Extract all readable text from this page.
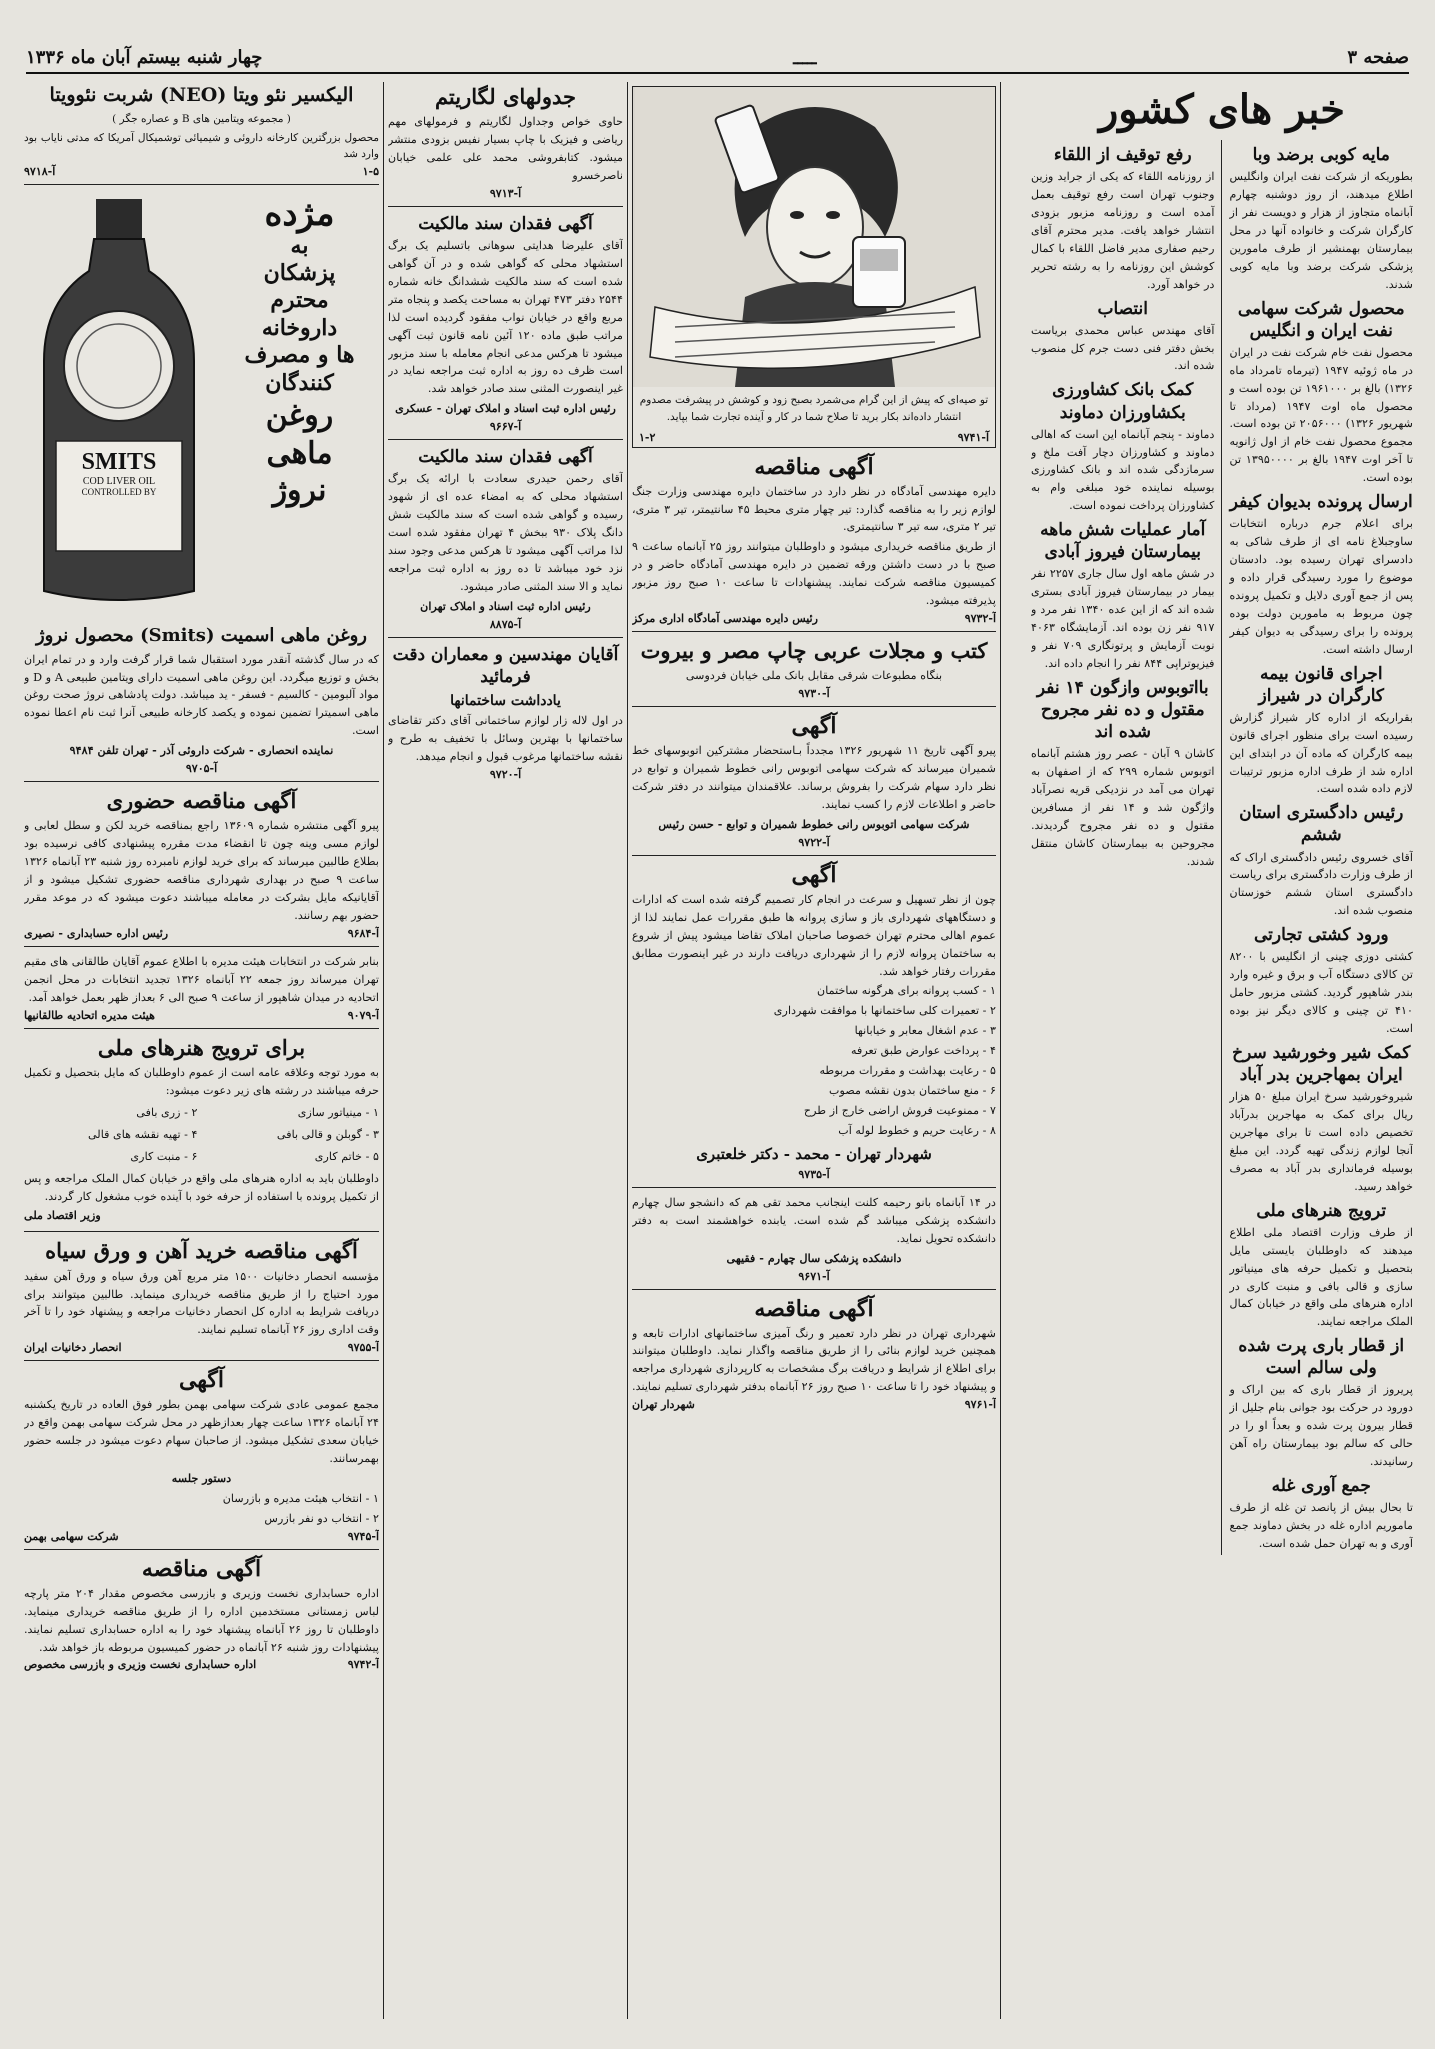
صفحه ۳
ـــــ
چهار شنبه بیستم آبان ماه ۱۳۳۶
خبر های کشور
مایه کوبی برضد وبا
بطوریکه از شرکت نفت ایران وانگلیس اطلاع میدهند، از روز دوشنبه چهارم آبانماه متجاوز از هزار و دویست نفر از کارگران شرکت و خانواده آنها در محل بیمارستان بهمنشیر از طرف مامورین پزشکی شرکت برضد وبا مایه کوبی شدند.
محصول شرکت سهامی نفت ایران و انگلیس
محصول نفت خام شرکت نفت در ایران در ماه ژوئیه ۱۹۴۷ (تیرماه تامرداد ماه ۱۳۲۶) بالغ بر ۱۹۶۱۰۰۰ تن بوده است و محصول ماه اوت ۱۹۴۷ (مرداد تا شهریور ۱۳۲۶) ۲۰۵۶۰۰۰ تن بوده است. مجموع محصول نفت خام از اول ژانویه تا آخر اوت ۱۹۴۷ بالغ بر ۱۳۹۵۰۰۰۰ تن بوده است.
ارسال پرونده بدیوان کیفر
برای اعلام جرم درباره انتخابات ساوجبلاغ نامه ای از طرف شاکی به دادسرای تهران رسیده بود. دادستان موضوع را مورد رسیدگی قرار داده و پس از جمع آوری دلایل و تکمیل پرونده چون مربوط به مامورین دولت بوده پرونده را برای رسیدگی به دیوان کیفر ارسال داشته است.
اجرای قانون بیمه کارگران در شیراز
بقراریکه از اداره کار شیراز گزارش رسیده است برای منظور اجرای قانون بیمه کارگران که ماده آن در ابتدای این اداره شد از طرف اداره مزبور ترتیبات لازم داده شده است.
رئیس دادگستری استان ششم
آقای خسروی رئیس دادگستری اراک که از طرف وزارت دادگستری برای ریاست دادگستری استان ششم خوزستان منصوب شده اند.
ورود کشتی تجارتی
کشتی دوزی چینی از انگلیس با ۸۲۰۰ تن کالای دستگاه آب و برق و غیره وارد بندر شاهپور گردید. کشتی مزبور حامل ۴۱۰ تن چینی و کالای دیگر نیز بوده است.
کمک شیر وخورشید سرخ ایران بمهاجرین بدر آباد
شیروخورشید سرخ ایران مبلغ ۵۰ هزار ریال برای کمک به مهاجرین بدرآباد تخصیص داده است تا برای مهاجرین آنجا لوازم زندگی تهیه گردد. این مبلغ بوسیله فرمانداری بدر آباد به مصرف خواهد رسید.
ترویج هنرهای ملی
از طرف وزارت اقتصاد ملی اطلاع میدهند که داوطلبان بایستی مایل بتحصیل و تکمیل حرفه های مینیاتور سازی و قالی بافی و منبت کاری در اداره هنرهای ملی واقع در خیابان کمال الملک مراجعه نمایند.
از قطار باری پرت شده ولی سالم است
پریروز از قطار باری که بین اراک و دورود در حرکت بود جوانی بنام جلیل از قطار بیرون پرت شده و بعداً او را در حالی که سالم بود بیمارستان راه آهن رسانیدند.
جمع آوری غله
تا بحال بیش از پانصد تن غله از طرف ماموریم اداره غله در بخش دماوند جمع آوری و به تهران حمل شده است.
رفع توقیف از اللقاء
از روزنامه اللقاء که یکی از جراید وزین وجنوب تهران است رفع توقیف بعمل آمده است و روزنامه مزبور بزودی انتشار خواهد یافت. مدیر محترم آقای رحیم صفاری مدیر فاضل اللقاء با کمال کوشش این روزنامه را به رشته تحریر در خواهد آورد.
انتصاب
آقای مهندس عباس محمدی بریاست بخش دفتر فنی دست جرم کل منصوب شده اند.
کمک بانک کشاورزی بکشاورزان دماوند
دماوند - پنجم آبانماه این است که اهالی دماوند و کشاورزان دچار آفت ملخ و سرمازدگی شده اند و بانک کشاورزی بوسیله نماینده خود مبلغی وام به کشاورزان پرداخت نموده است.
آمار عملیات شش ماهه بیمارستان فیروز آبادی
در شش ماهه اول سال جاری ۲۲۵۷ نفر بیمار در بیمارستان فیروز آبادی بستری شده اند که از این عده ۱۳۴۰ نفر مرد و ۹۱۷ نفر زن بوده اند. آزمایشگاه ۴۰۶۳ نوبت آزمایش و پرتونگاری ۷۰۹ نفر و فیزیوتراپی ۸۴۴ نفر را انجام داده اند.
بااتوبوس وازگون ۱۴ نفر مقتول و ده نفر مجروح شده اند
کاشان ۹ آبان - عصر روز هشتم آبانماه اتوبوس شماره ۲۹۹ که از اصفهان به تهران می آمد در نزدیکی قریه نصرآباد واژگون شد و ۱۴ نفر از مسافرین مقتول و ده نفر مجروح گردیدند. مجروحین به بیمارستان کاشان منتقل شدند.
تو صیه‌ای که پیش از این گرام می‌شمرد بصبح زود و کوشش در پیشرفت مصدوم انتشار داده‌اند بکار برید تا صلاح شما در کار و آینده تجارت شما بپاید.
آ-۹۷۴۱
۱-۲
آگهی مناقصه
دایره مهندسی آمادگاه در نظر دارد در ساختمان دایره مهندسی وزارت جنگ لوازم زیر را به مناقصه گذارد: تیر چهار متری محیط ۴۵ سانتیمتر، تیر ۳ متری، تیر ۲ متری، سه تیر ۳ سانتیمتری.
از طریق مناقصه خریداری میشود و داوطلبان میتوانند روز ۲۵ آبانماه ساعت ۹ صبح با در دست داشتن ورقه تضمین در دایره مهندسی آمادگاه حاضر و در کمیسیون مناقصه شرکت نمایند. پیشنهادات تا ساعت ۱۰ صبح روز مزبور پذیرفته میشود.
آ-۹۷۳۲
رئیس دایره مهندسی آمادگاه اداری مرکز
کتب و مجلات عربی چاپ مصر و بیروت
بنگاه مطبوعات شرقی مقابل بانک ملی خیابان فردوسی
آ-۹۷۳۰
آگهی
پیرو آگهی تاریخ ۱۱ شهریور ۱۳۲۶ مجدداً بـاستحضار مشترکین اتوبوسهای خط شمیران میرساند که شرکت سهامی اتوبوس رانی خطوط شمیران و توابع در نظر دارد سهام شرکت را بفروش برساند. علاقمندان میتوانند در دفتر شرکت حاضر و اطلاعات لازم را کسب نمایند.
شرکت سهامی اتوبوس رانی خطوط شمیران و توابع - حسن رئیس
آ-۹۷۲۲
آگهی
چون از نظر تسهیل و سرعت در انجام کار تصمیم گرفته شده است که ادارات و دستگاههای شهرداری باز و سازی پروانه ها طبق مقررات عمل نمایند لذا از عموم اهالی محترم تهران خصوصا صاحبان املاک تقاضا میشود پیش از شروع به ساختمان پروانه لازم را از شهرداری دریافت دارند در غیر اینصورت مطابق مقررات رفتار خواهد شد.
۱ - کسب پروانه برای هرگونه ساختمان
۲ - تعمیرات کلی ساختمانها با موافقت شهرداری
۳ - عدم اشغال معابر و خیابانها
۴ - پرداخت عوارض طبق تعرفه
۵ - رعایت بهداشت و مقررات مربوطه
۶ - منع ساختمان بدون نقشه مصوب
۷ - ممنوعیت فروش اراضی خارج از طرح
۸ - رعایت حریم و خطوط لوله آب
شهردار تهران - محمد - دکتر خلعتبری
آ-۹۷۳۵
در ۱۴ آبانماه بانو رحیمه کلنت اینجانب محمد تقی هم که دانشجو سال چهارم دانشکده پزشکی میباشد گم شده است. یابنده خواهشمند است به دفتر دانشکده تحویل نماید.
دانشکده پزشکی سال چهارم - فقیهی
آ-۹۶۷۱
آگهی مناقصه
شهرداری تهران در نظر دارد تعمیر و رنگ آمیزی ساختمانهای ادارات تابعه و همچنین خرید لوازم بنائی را از طریق مناقصه واگذار نماید. داوطلبان میتوانند برای اطلاع از شرایط و دریافت برگ مشخصات به کارپردازی شهرداری مراجعه و پیشنهاد خود را تا ساعت ۱۰ صبح روز ۲۶ آبانماه بدفتر شهرداری تسلیم نمایند.
آ-۹۷۶۱
شهردار تهران
جدولهای لگاریتم
حاوی خواص وجداول لگاریتم و فرمولهای مهم ریاضی و فیزیک با چاپ بسیار نفیس بزودی منتشر میشود. کتابفروشی محمد علی علمی خیابان ناصرخسرو
آ-۹۷۱۳
آگهی فقدان سند مالکیت
آقای علیرضا هدایتی سوهانی باتسلیم یک برگ استشهاد محلی که گواهی شده و در آن گواهی شده است که سند مالکیت ششدانگ خانه شماره ۲۵۴۴ دفتر ۴۷۳ تهران به مساحت یکصد و پنجاه متر مربع واقع در خیابان نواب مفقود گردیده است لذا مراتب طبق ماده ۱۲۰ آئین نامه قانون ثبت آگهی میشود تا هرکس مدعی انجام معامله با سند مزبور است ظرف ده روز به اداره ثبت مراجعه نماید در غیر اینصورت المثنی سند صادر خواهد شد.
رئیس اداره ثبت اسناد و املاک تهران - عسکری
آ-۹۶۶۷
آگهی فقدان سند مالکیت
آقای رحمن حیدری سعادت با ارائه یک برگ استشهاد محلی که به امضاء عده ای از شهود رسیده و گواهی شده است که سند مالکیت شش دانگ پلاک ۹۳۰ ببخش ۴ تهران مفقود شده است لذا مراتب آگهی میشود تا هرکس مدعی وجود سند نزد خود میباشد تا ده روز به اداره ثبت مراجعه نماید و الا سند المثنی صادر میشود.
رئیس اداره ثبت اسناد و املاک تهران
آ-۸۸۷۵
آقایان مهندسین و معماران دقت فرمائید
یادداشت ساختمانها
در اول لاله زار لوازم ساختمانی آقای دکتر تقاضای ساختمانها با بهترین وسائل با تخفیف به طرح و نقشه ساختمانها مرغوب قبول و انجام میدهد.
آ-۹۷۲۰
الیکسیر نئو ویتا (NEO) شربت نئوویتا
( مجموعه ویتامین های B و عصاره جگر )
محصول بزرگترین کارخانه داروئی و شیمیائی توشمیکال آمریکا که مدتی نایاب بود وارد شد
۱-۵
آ-۹۷۱۸
مژده
به
پزشکان
محترم
داروخانه
ها و مصرف
کنندگان
روغن
ماهی
نروژ
SMITS
COD LIVER OIL
CONTROLLED BY
روغن ماهی اسمیت (Smits) محصول نروژ
که در سال گذشته آنقدر مورد استقبال شما قرار گرفت وارد و در تمام ایران بخش و توزیع میگردد. این روغن ماهی اسمیت دارای ویتامین طبیعی A و D و مواد آلبومین - کالسیم - فسفر - ید میباشد. دولت پادشاهی نروژ صحت روغن ماهی اسمیترا تضمین نموده و یکصد کارخانه طبیعی آنرا ثبت نام اعطا نموده است.
نماینده انحصاری - شرکت داروئی آذر - تهران تلفن ۹۴۸۴
آ-۹۷۰۵
آگهی مناقصه حضوری
پیرو آگهی منتشره شماره ۱۳۶۰۹ راجع بمناقصه خرید لکن و سطل لعابی و لوازم مسی وینه چون تا انقضاء مدت مقرره پیشنهادی کافی نرسیده بود بطلاع طالبین میرساند که برای خرید لوازم نامبرده روز شنبه ۲۳ آبانماه ۱۳۲۶ ساعت ۹ صبح در بهداری شهرداری مناقصه حضوری تشکیل میشود و از آقایانیکه مایل بشرکت در معامله میباشند دعوت میشود که در موعد مقرر حضور بهم رسانند.
آ-۹۶۸۴
رئیس اداره حسابداری - نصیری
بنابر شرکت در انتخابات هیئت مدیره با اطلاع عموم آقایان طالقانی های مقیم تهران میرساند روز جمعه ۲۲ آبانماه ۱۳۲۶ تجدید انتخابات در محل انجمن اتحادیه در میدان شاهپور از ساعت ۹ صبح الی ۶ بعداز ظهر بعمل خواهد آمد.
آ-۹۰۷۹
هیئت مدیره اتحادیه طالقانیها
برای ترویج هنرهای ملی
به مورد توجه وعلاقه عامه است از عموم داوطلبان که مایل بتحصیل و تکمیل حرفه میباشند در رشته های زیر دعوت میشود:
۱ - مینیاتور سازی
۲ - زری بافی
۳ - گوبلن و قالی بافی
۴ - تهیه نقشه های قالی
۵ - خاتم کاری
۶ - منبت کاری
داوطلبان باید به اداره هنرهای ملی واقع در خیابان کمال الملک مراجعه و پس از تکمیل پرونده با استفاده از حرفه خود با آینده خوب مشغول کار گردند.
وزیر اقتصاد ملی
آگهی مناقصه خرید آهن و ورق سیاه
مؤسسه انحصار دخانیات ۱۵۰۰ متر مربع آهن ورق سیاه و ورق آهن سفید مورد احتیاج را از طریق مناقصه خریداری مینماید. طالبین میتوانند برای دریافت شرایط به اداره کل انحصار دخانیات مراجعه و پیشنهاد خود را تا آخر وقت اداری روز ۲۶ آبانماه تسلیم نمایند.
آ-۹۷۵۵
انحصار دخانیات ایران
آگهی
مجمع عمومی عادی شرکت سهامی بهمن بطور فوق العاده در تاریخ یکشنبه ۲۴ آبانماه ۱۳۲۶ ساعت چهار بعدازظهر در محل شرکت سهامی بهمن واقع در خیابان سعدی تشکیل میشود. از صاحبان سهام دعوت میشود در جلسه حضور بهمرسانند.
دستور جلسه
۱ - انتخاب هیئت مدیره و بازرسان
۲ - انتخاب دو نفر بازرس
آ-۹۷۴۵
شرکت سهامی بهمن
آگهی مناقصه
اداره حسابداری نخست وزیری و بازرسی مخصوص مقدار ۲۰۴ متر پارچه لباس زمستانی مستخدمین اداره را از طریق مناقصه خریداری مینماید. داوطلبان تا روز ۲۶ آبانماه پیشنهاد خود را به اداره حسابداری تسلیم نمایند. پیشنهادات روز شنبه ۲۶ آبانماه در حضور کمیسیون مربوطه باز خواهد شد.
آ-۹۷۴۲
اداره حسابداری نخست وزیری و بازرسی مخصوص
